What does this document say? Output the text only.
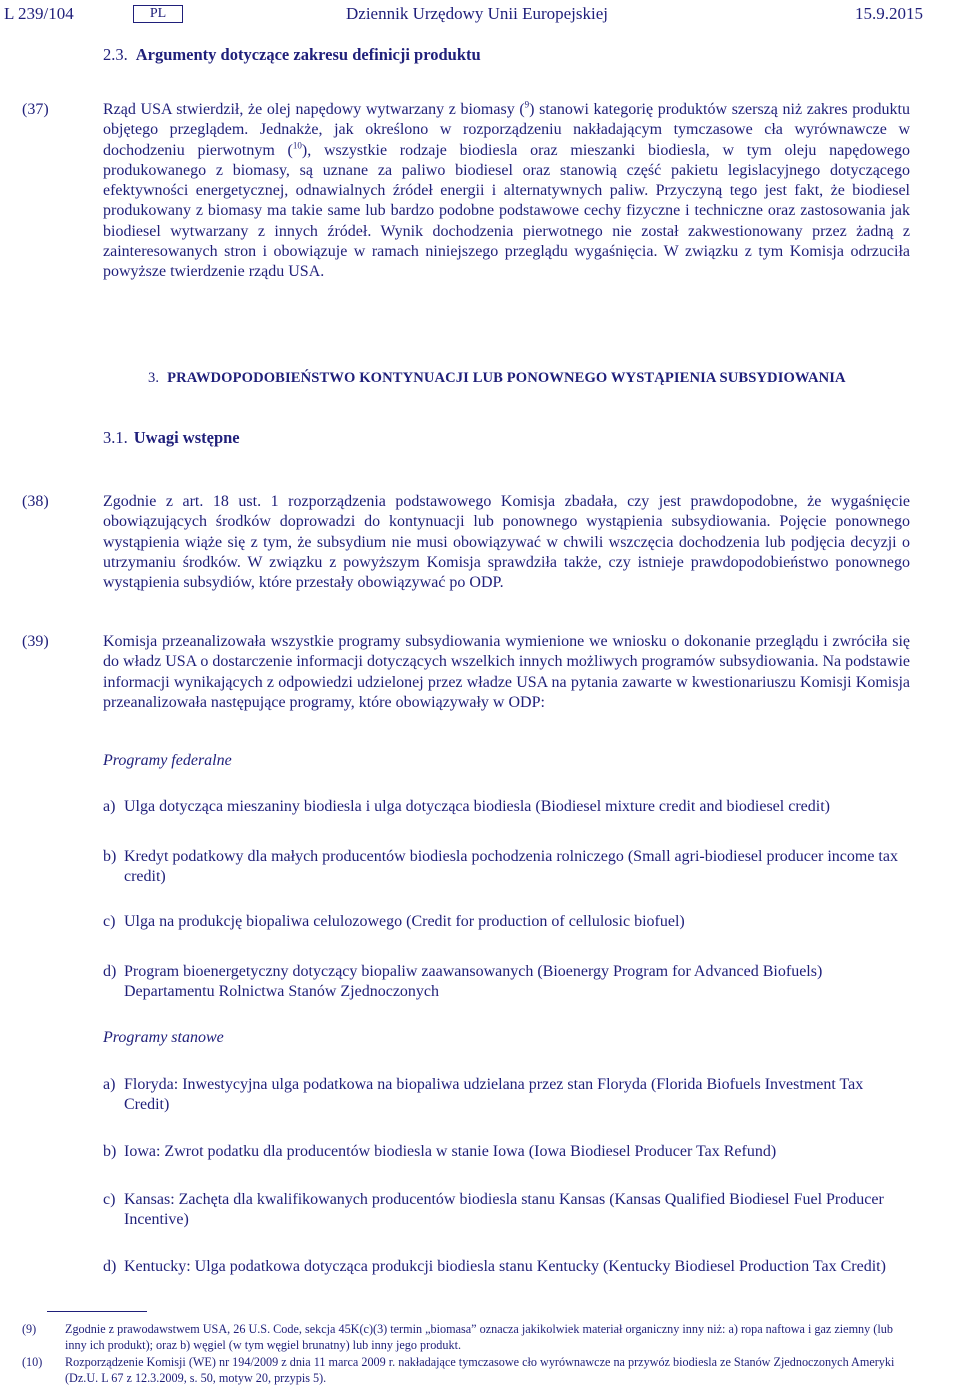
L 239/104	PL	Dziennik Urzędowy Unii Europejskiej	15.9.2015
2.3. Argumenty dotyczące zakresu definicji produktu
(37)	Rząd USA stwierdził, że olej napędowy wytwarzany z biomasy ($^9$) stanowi kategorię produktów szerszą niż zakres produktu objętego przeglądem. Jednakże, jak określono w rozporządzeniu nakładającym tymczasowe cła wyrównawcze w dochodzeniu pierwotnym ($^{10}$), wszystkie rodzaje biodiesla oraz mieszanki biodiesla, w tym oleju napędowego produkowanego z biomasy, są uznane za paliwo biodiesel oraz stanowią część pakietu legislacyjnego dotyczącego efektywności energetycznej, odnawialnych źródeł energii i alternatywnych paliw. Przyczyną tego jest fakt, że biodiesel produkowany z biomasy ma takie same lub bardzo podobne podstawowe cechy fizyczne i techniczne oraz zastosowania jak biodiesel wytwarzany z innych źródeł. Wynik dochodzenia pierwotnego nie został zakwestionowany przez żadną z zainteresowanych stron i obowiązuje w ramach niniejszego przeglądu wygaśnięcia. W związku z tym Komisja odrzuciła powyższe twierdzenie rządu USA.

3. PRAWDOPODOBIEŃSTWO KONTYNUACJI LUB PONOWNEGO WYSTĄPIENIA SUBSYDIOWANIA
3.1. Uwagi wstępne
(38)	Zgodnie z art. 18 ust. 1 rozporządzenia podstawowego Komisja zbadała, czy jest prawdopodobne, że wygaśnięcie obowiązujących środków doprowadzi do kontynuacji lub ponownego wystąpienia subsydiowania. Pojęcie ponownego wystąpienia wiąże się z tym, że subsydium nie musi obowiązywać w chwili wszczęcia dochodzenia lub podjęcia decyzji o utrzymaniu środków. W związku z powyższym Komisja sprawdziła także, czy istnieje prawdopodobieństwo ponownego wystąpienia subsydiów, które przestały obowiązywać po ODP.

(39)	Komisja przeanalizowała wszystkie programy subsydiowania wymienione we wniosku o dokonanie przeglądu i zwróciła się do władz USA o dostarczenie informacji dotyczących wszelkich innych możliwych programów subsydiowania. Na podstawie informacji wynikających z odpowiedzi udzielonej przez władze USA na pytania zawarte w kwestionariuszu Komisji Komisja przeanalizowała następujące programy, które obowiązywały w ODP:

Programy federalne
a) Ulga dotycząca mieszaniny biodiesla i ulga dotycząca biodiesla (Biodiesel mixture credit and biodiesel credit)
b) Kredyt podatkowy dla małych producentów biodiesla pochodzenia rolniczego (Small agri-biodiesel producer income tax credit)
c) Ulga na produkcję biopaliwa celulozowego (Credit for production of cellulosic biofuel)
d) Program bioenergetyczny dotyczący biopaliw zaawansowanych (Bioenergy Program for Advanced Biofuels) Departamentu Rolnictwa Stanów Zjednoczonych
Programy stanowe
a) Floryda: Inwestycyjna ulga podatkowa na biopaliwa udzielana przez stan Floryda (Florida Biofuels Investment Tax Credit)
b) Iowa: Zwrot podatku dla producentów biodiesla w stanie Iowa (Iowa Biodiesel Producer Tax Refund)
c) Kansas: Zachęta dla kwalifikowanych producentów biodiesla stanu Kansas (Kansas Qualified Biodiesel Fuel Producer Incentive)
d) Kentucky: Ulga podatkowa dotycząca produkcji biodiesla stanu Kentucky (Kentucky Biodiesel Production Tax Credit)
(9) Zgodnie z prawodawstwem USA, 26 U.S. Code, sekcja 45K(c)(3) termin „biomasa” oznacza jakikolwiek materiał organiczny inny niż: a) ropa naftowa i gaz ziemny (lub inny ich produkt); oraz b) węgiel (w tym węgiel brunatny) lub inny jego produkt.
(10) Rozporządzenie Komisji (WE) nr 194/2009 z dnia 11 marca 2009 r. nakładające tymczasowe cło wyrównawcze na przywóz biodiesla ze Stanów Zjednoczonych Ameryki (Dz.U. L 67 z 12.3.2009, s. 50, motyw 20, przypis 5).
